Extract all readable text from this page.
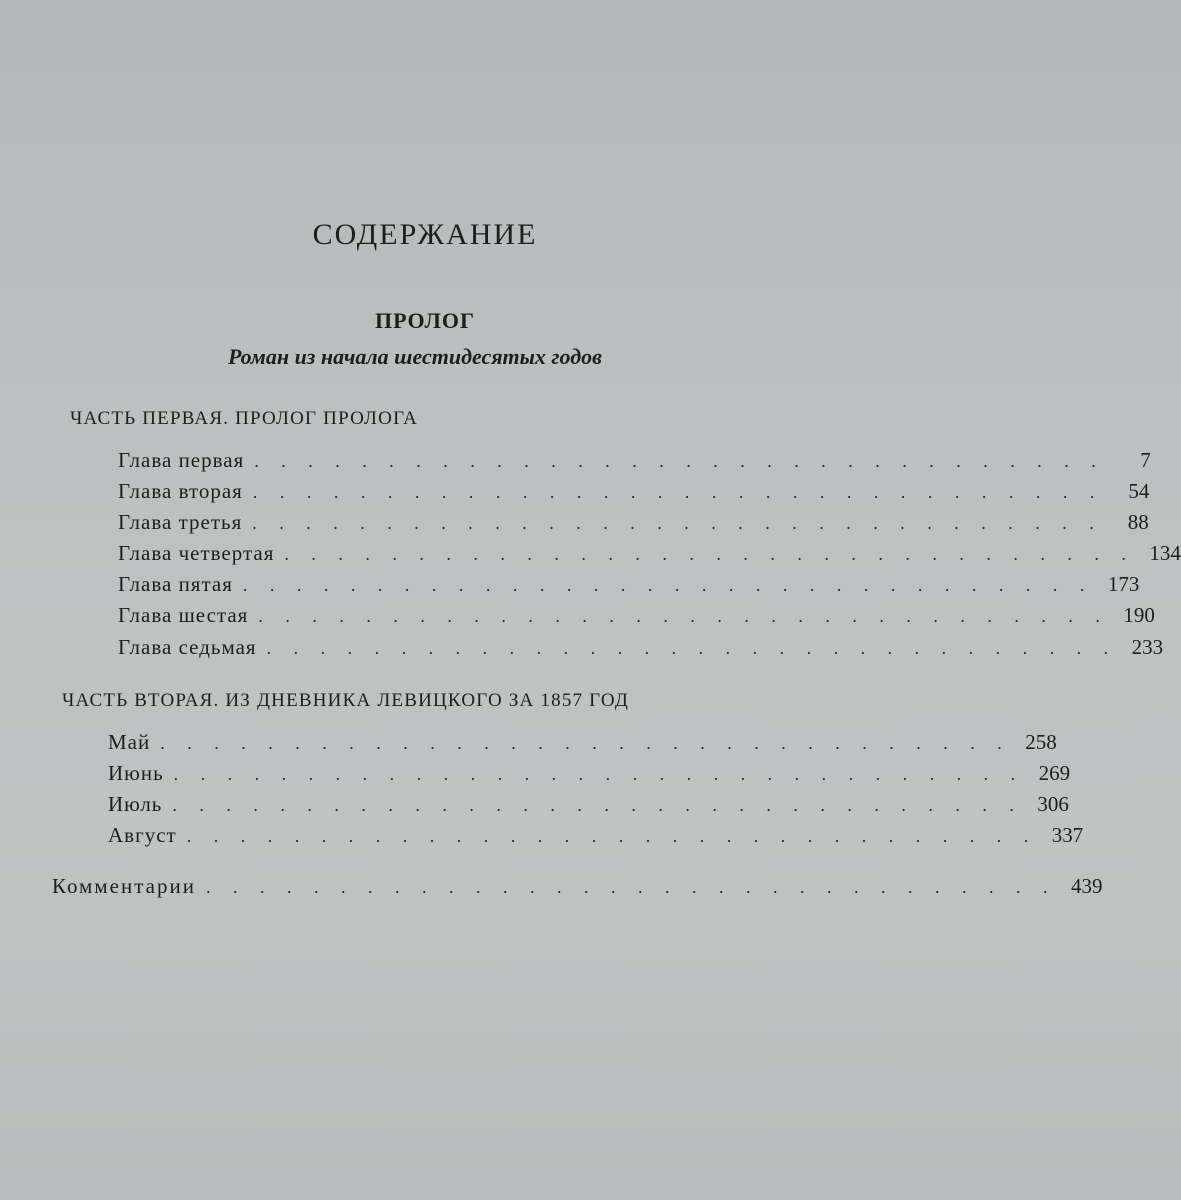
СОДЕРЖАНИЕ
ПРОЛОГ
Роман из начала шестидесятых годов
ЧАСТЬ ПЕРВАЯ. ПРОЛОГ ПРОЛОГА
Глава первая . . . . . . . . . . . . . . . . . . . . . . . . . . . . . . . .	7
Глава вторая . . . . . . . . . . . . . . . . . . . . . . . . . . . . . . . .	54
Глава третья . . . . . . . . . . . . . . . . . . . . . . . . . . . . . . . .	88
Глава четвертая . . . . . . . . . . . . . . . . . . . . . . . . . . . . . . . . 134
Глава пятая . . . . . . . . . . . . . . . . . . . . . . . . . . . . . . . . 173
Глава шестая . . . . . . . . . . . . . . . . . . . . . . . . . . . . . . . . 190
Глава седьмая . . . . . . . . . . . . . . . . . . . . . . . . . . . . . . . . 233
ЧАСТЬ ВТОРАЯ. ИЗ ДНЕВНИКА ЛЕВИЦКОГО ЗА 1857 ГОД
Май . . . . . . . . . . . . . . . . . . . . . . . . . . . . . . . . 258
Июнь . . . . . . . . . . . . . . . . . . . . . . . . . . . . . . . . 269
Июль . . . . . . . . . . . . . . . . . . . . . . . . . . . . . . . . 306
Август . . . . . . . . . . . . . . . . . . . . . . . . . . . . . . . . 337
Комментарии . . . . . . . . . . . . . . . . . . . . . . . . . . . . . . . . 439
